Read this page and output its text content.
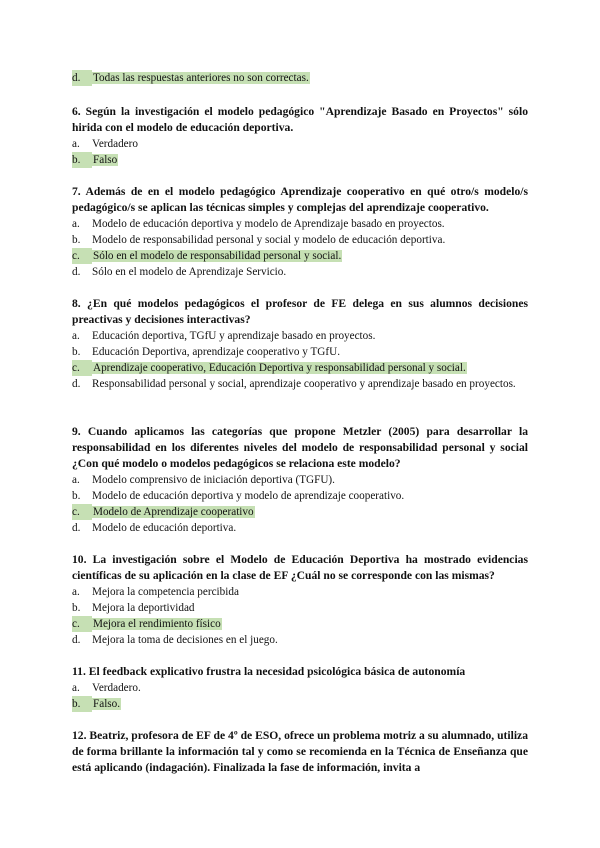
d.	Todas las respuestas anteriores no son correctas.

6. Según la investigación el modelo pedagógico "Aprendizaje Basado en Proyectos" sólo hirida con el modelo de educación deportiva.

a.	Verdadero
b.	Falso

7. Además de en el modelo pedagógico Aprendizaje cooperativo en qué otro/s modelo/s pedagógico/s se aplican las técnicas simples y complejas del aprendizaje cooperativo.

a.	Modelo de educación deportiva y modelo de Aprendizaje basado en proyectos.
b.	Modelo de responsabilidad personal y social y modelo de educación deportiva.
c.	Sólo en el modelo de responsabilidad personal y social.
d.	Sólo en el modelo de Aprendizaje Servicio.

8. ¿En qué modelos pedagógicos el profesor de FE delega en sus alumnos decisiones preactivas y decisiones interactivas?

a.	Educación deportiva, TGfU y aprendizaje basado en proyectos.
b.	Educación Deportiva, aprendizaje cooperativo y TGfU.
c.	Aprendizaje cooperativo, Educación Deportiva y responsabilidad personal y social.
d.	Responsabilidad personal y social, aprendizaje cooperativo y aprendizaje basado en proyectos.

9. Cuando aplicamos las categorías que propone Metzler (2005) para desarrollar la responsabilidad en los diferentes niveles del modelo de responsabilidad personal y social ¿Con qué modelo o modelos pedagógicos se relaciona este modelo?

a.	Modelo comprensivo de iniciación deportiva (TGFU).
b.	Modelo de educación deportiva y modelo de aprendizaje cooperativo.
c.	Modelo de Aprendizaje cooperativo
d.	Modelo de educación deportiva.

10. La investigación sobre el Modelo de Educación Deportiva ha mostrado evidencias científicas de su aplicación en la clase de EF ¿Cuál no se corresponde con las mismas?

a.	Mejora la competencia percibida
b.	Mejora la deportividad
c.	Mejora el rendimiento físico
d.	Mejora la toma de decisiones en el juego.

11. El feedback explicativo frustra la necesidad psicológica básica de autonomía

a.	Verdadero.
b.	Falso.

12. Beatriz, profesora de EF de 4º de ESO, ofrece un problema motriz a su alumnado, utiliza de forma brillante la información tal y como se recomienda en la Técnica de Enseñanza que está aplicando (indagación). Finalizada la fase de información, invita a
